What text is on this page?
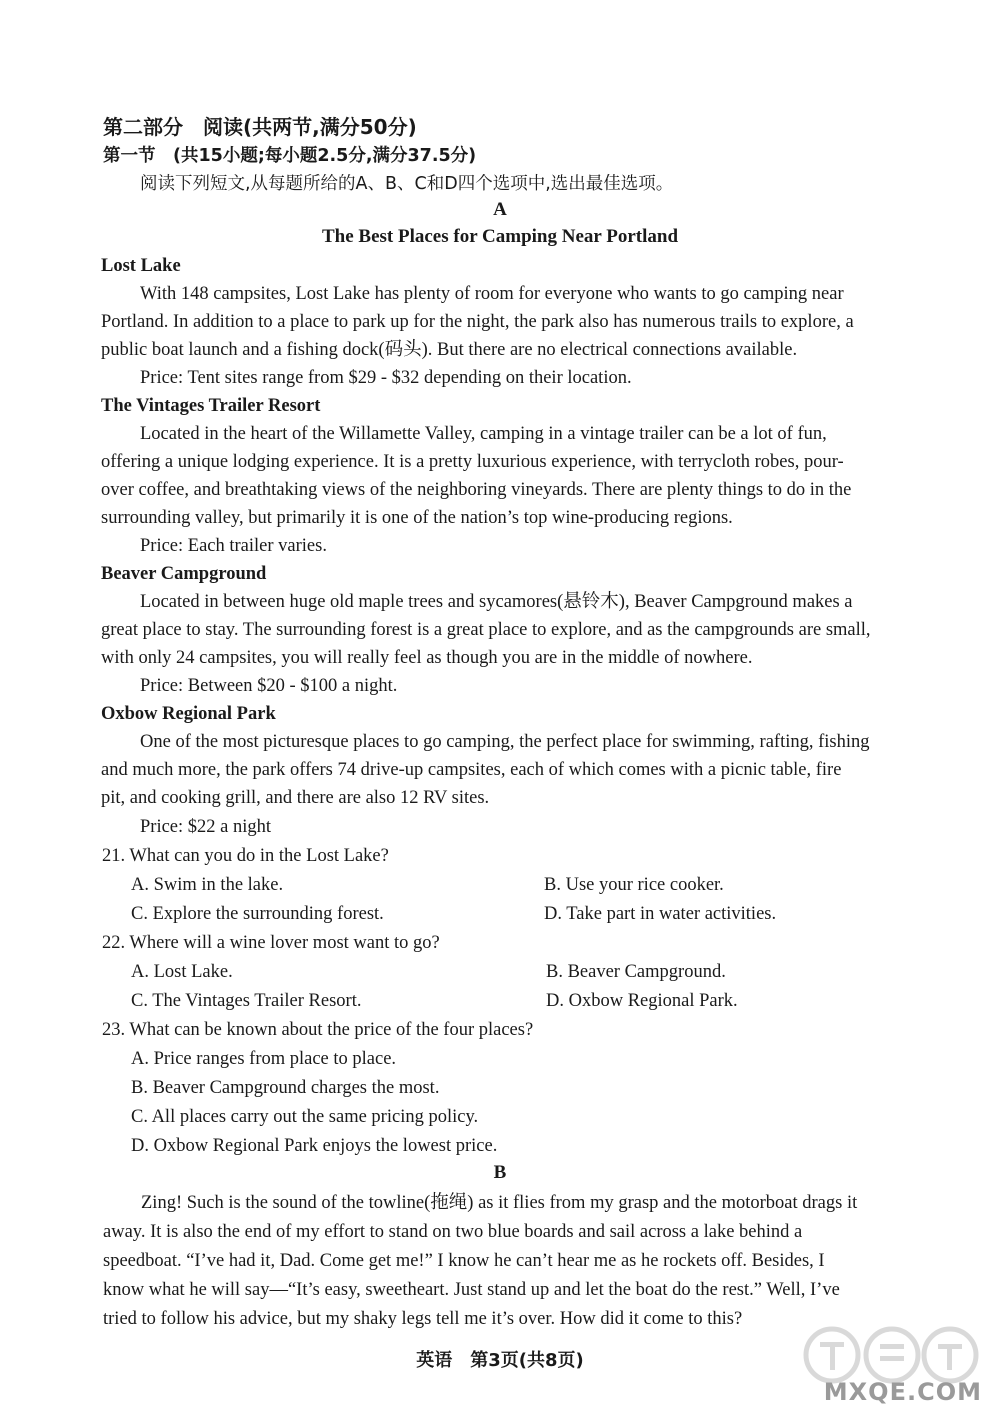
第二部分　阅读(共两节,满分50分)
第一节　(共15小题;每小题2.5分,满分37.5分)
阅读下列短文,从每题所给的A、B、C和D四个选项中,选出最佳选项。
A
The Best Places for Camping Near Portland
Lost Lake
With 148 campsites, Lost Lake has plenty of room for everyone who wants to go camping near
Portland. In addition to a place to park up for the night, the park also has numerous trails to explore, a
public boat launch and a fishing dock(码头). But there are no electrical connections available.
Price: Tent sites range from $29 - $32 depending on their location.
The Vintages Trailer Resort
Located in the heart of the Willamette Valley, camping in a vintage trailer can be a lot of fun,
offering a unique lodging experience. It is a pretty luxurious experience, with terrycloth robes, pour-
over coffee, and breathtaking views of the neighboring vineyards. There are plenty things to do in the
surrounding valley, but primarily it is one of the nation’s top wine-producing regions.
Price: Each trailer varies.
Beaver Campground
Located in between huge old maple trees and sycamores(悬铃木), Beaver Campground makes a
great place to stay. The surrounding forest is a great place to explore, and as the campgrounds are small,
with only 24 campsites, you will really feel as though you are in the middle of nowhere.
Price: Between $20 - $100 a night.
Oxbow Regional Park
One of the most picturesque places to go camping, the perfect place for swimming, rafting, fishing
and much more, the park offers 74 drive-up campsites, each of which comes with a picnic table, fire
pit, and cooking grill, and there are also 12 RV sites.
Price: $22 a night
21. What can you do in the Lost Lake?
A. Swim in the lake.	B. Use your rice cooker.
C. Explore the surrounding forest.	D. Take part in water activities.
22. Where will a wine lover most want to go?
A. Lost Lake.	B. Beaver Campground.
C. The Vintages Trailer Resort.	D. Oxbow Regional Park.
23. What can be known about the price of the four places?
A. Price ranges from place to place.
B. Beaver Campground charges the most.
C. All places carry out the same pricing policy.
D. Oxbow Regional Park enjoys the lowest price.
B
Zing! Such is the sound of the towline(拖绳) as it flies from my grasp and the motorboat drags it
away. It is also the end of my effort to stand on two blue boards and sail across a lake behind a
speedboat. “I’ve had it, Dad. Come get me!” I know he can’t hear me as he rockets off. Besides, I
know what he will say—“It’s easy, sweetheart. Just stand up and let the boat do the rest.” Well, I’ve
tried to follow his advice, but my shaky legs tell me it’s over. How did it come to this?
英语　第3页(共8页)
MXQE.COM
